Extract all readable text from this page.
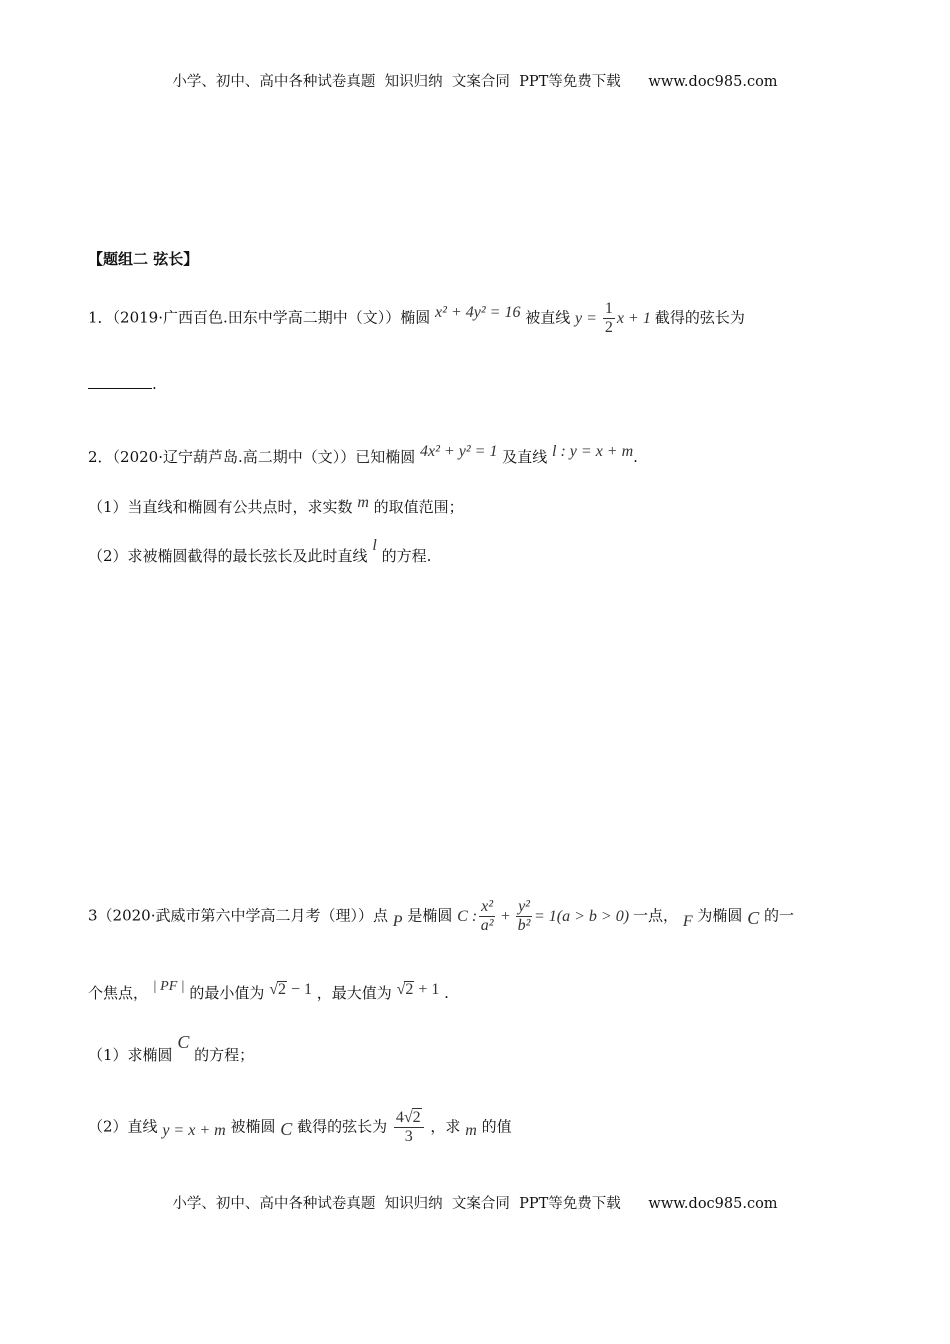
小学、初中、高中各种试卷真题  知识归纳  文案合同  PPT等免费下载      www.doc985.com
【题组二 弦长】
1．（2019·广西百色.田东中学高二期中（文））椭圆 x² + 4y² = 16 被直线 $y = \frac{1}{2}$ x + 1 截得的弦长为
.
2．（2020·辽宁葫芦岛.高二期中（文））已知椭圆 4x² + y² = 1 及直线 l : y = x + m.
（1）当直线和椭圆有公共点时，求实数 m 的取值范围；
（2）求被椭圆截得的最长弦长及此时直线 l 的方程.
3（2020·武威市第六中学高二月考（理））点 P 是椭圆 C : $\frac{\text{x²}}{\text{a²}} + \frac{\text{y²}}{\text{b²}} = 1(a > b > 0)$ 一点， F 为椭圆 C 的一
个焦点， | PF | 的最小值为 √2 − 1 ，最大值为 √2 + 1 .
（1）求椭圆 C 的方程；
（2）直线 y = x + m 被椭圆 C 截得的弦长为 $\frac{4√2}{3}$ ，求 m 的值
小学、初中、高中各种试卷真题  知识归纳  文案合同  PPT等免费下载      www.doc985.com
